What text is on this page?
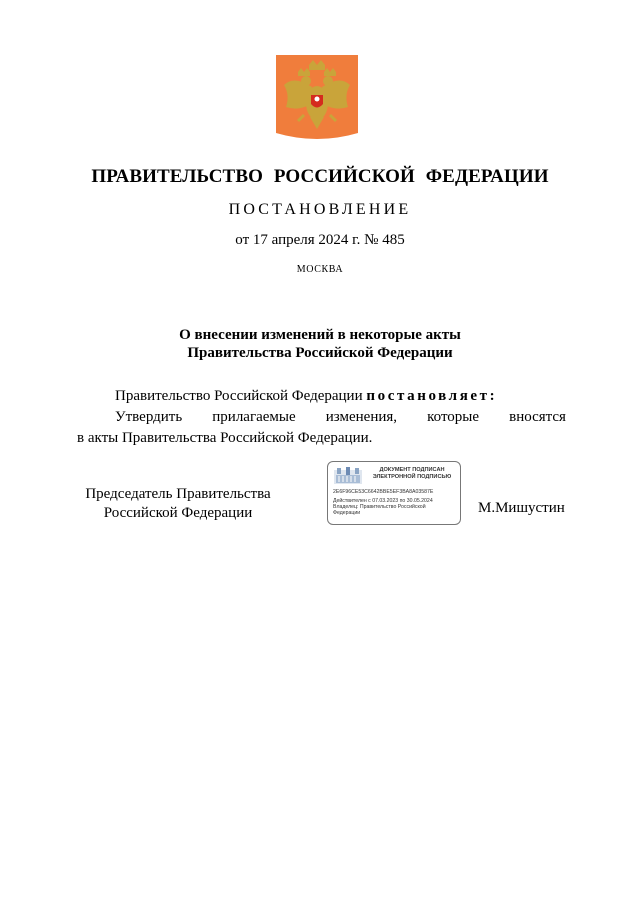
ПРАВИТЕЛЬСТВО РОССИЙСКОЙ ФЕДЕРАЦИИ
ПОСТАНОВЛЕНИЕ
от 17 апреля 2024 г. № 485
МОСКВА
О внесении изменений в некоторые акты
Правительства Российской Федерации
Правительство Российской Федерации постановляет:
Утвердить прилагаемые изменения, которые вносятся
в акты Правительства Российской Федерации.
Председатель Правительства
Российской Федерации
ДОКУМЕНТ ПОДПИСАН
ЭЛЕКТРОННОЙ ПОДПИСЬЮ
2E6F96CE53C6642BBE5EF3BA8A03587E
Действителен с 07.03.2023 по 30.05.2024
Владелец: Правительство Российской
Федерации	М.Мишустин
